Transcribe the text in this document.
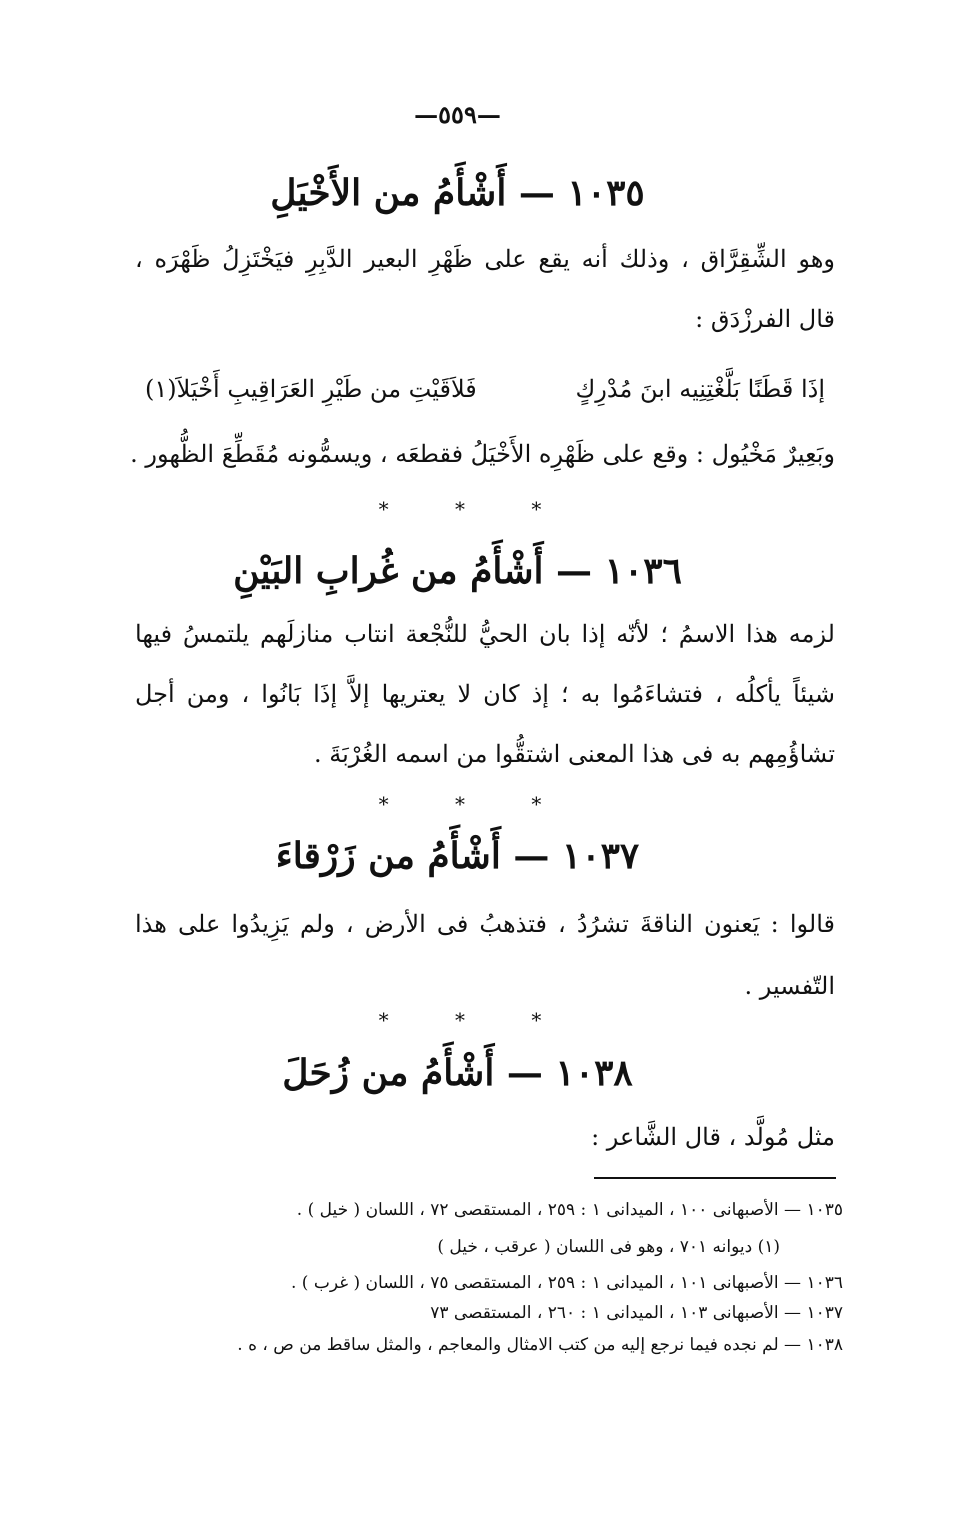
—٥٥٩—
١٠٣٥ — أَشْأَمُ من الأَخْيَلِ
وهو الشِّقِرَّاق ، وذلك أنه يقع على ظَهْرِ البعير الدَّبِرِ فيَخْتَزِلُ ظَهْرَه ،
قال الفرزْدَق :
إذَا قَطَنًا بَلَّغْتِنِيه ابنَ مُدْرِكٍ
فَلاَقَيْتِ من طَيْرِ العَرَاقِيبِ أَخْيَلاَ(١)
وبَعِيرٌ مَخْيُول : وقع على ظَهْرِه الأَخْيَلُ فقطعَه ، ويسمُّونه مُقَطِّعَ الظُّهور .
* * *
١٠٣٦ — أَشْأَمُ من غُرابِ البَيْنِ
لزمه هذا الاسمُ ؛ لأنّه إذا بان الحيُّ للنُّجْعة انتاب منازلَهم يلتمسُ فيها
شيئاً يأكلُه ، فتشاءَمُوا به ؛ إذ كان لا يعتريها إلاَّ إذَا بَانُوا ، ومن أجل
تشاؤُمِهم به فى هذا المعنى اشتقُّوا من اسمه الغُرْبَةَ .
* * *
١٠٣٧ — أَشْأَمُ من زَرْقاءَ
قالوا : يَعنون الناقةَ تشرُدُ ، فتذهبُ فى الأرض ، ولم يَزِيدُوا على هذا
التّفسير .
* * *
١٠٣٨ — أَشْأَمُ من زُحَلَ
مثل مُولَّد ، قال الشَّاعر :
١٠٣٥ — الأصبهانى ١٠٠ ، الميدانى ١ : ٢٥٩ ، المستقصى ٧٢ ، اللسان ( خيل ) .
(١) ديوانه ٧٠١ ، وهو فى اللسان ( عرقب ، خيل )
١٠٣٦ — الأصبهانى ١٠١ ، الميدانى ١ : ٢٥٩ ، المستقصى ٧٥ ، اللسان ( غرب ) .
١٠٣٧ — الأصبهانى ١٠٣ ، الميدانى ١ : ٢٦٠ ، المستقصى ٧٣
١٠٣٨ — لم نجده فيما نرجع إليه من كتب الامثال والمعاجم ، والمثل ساقط من ص ، ه .
